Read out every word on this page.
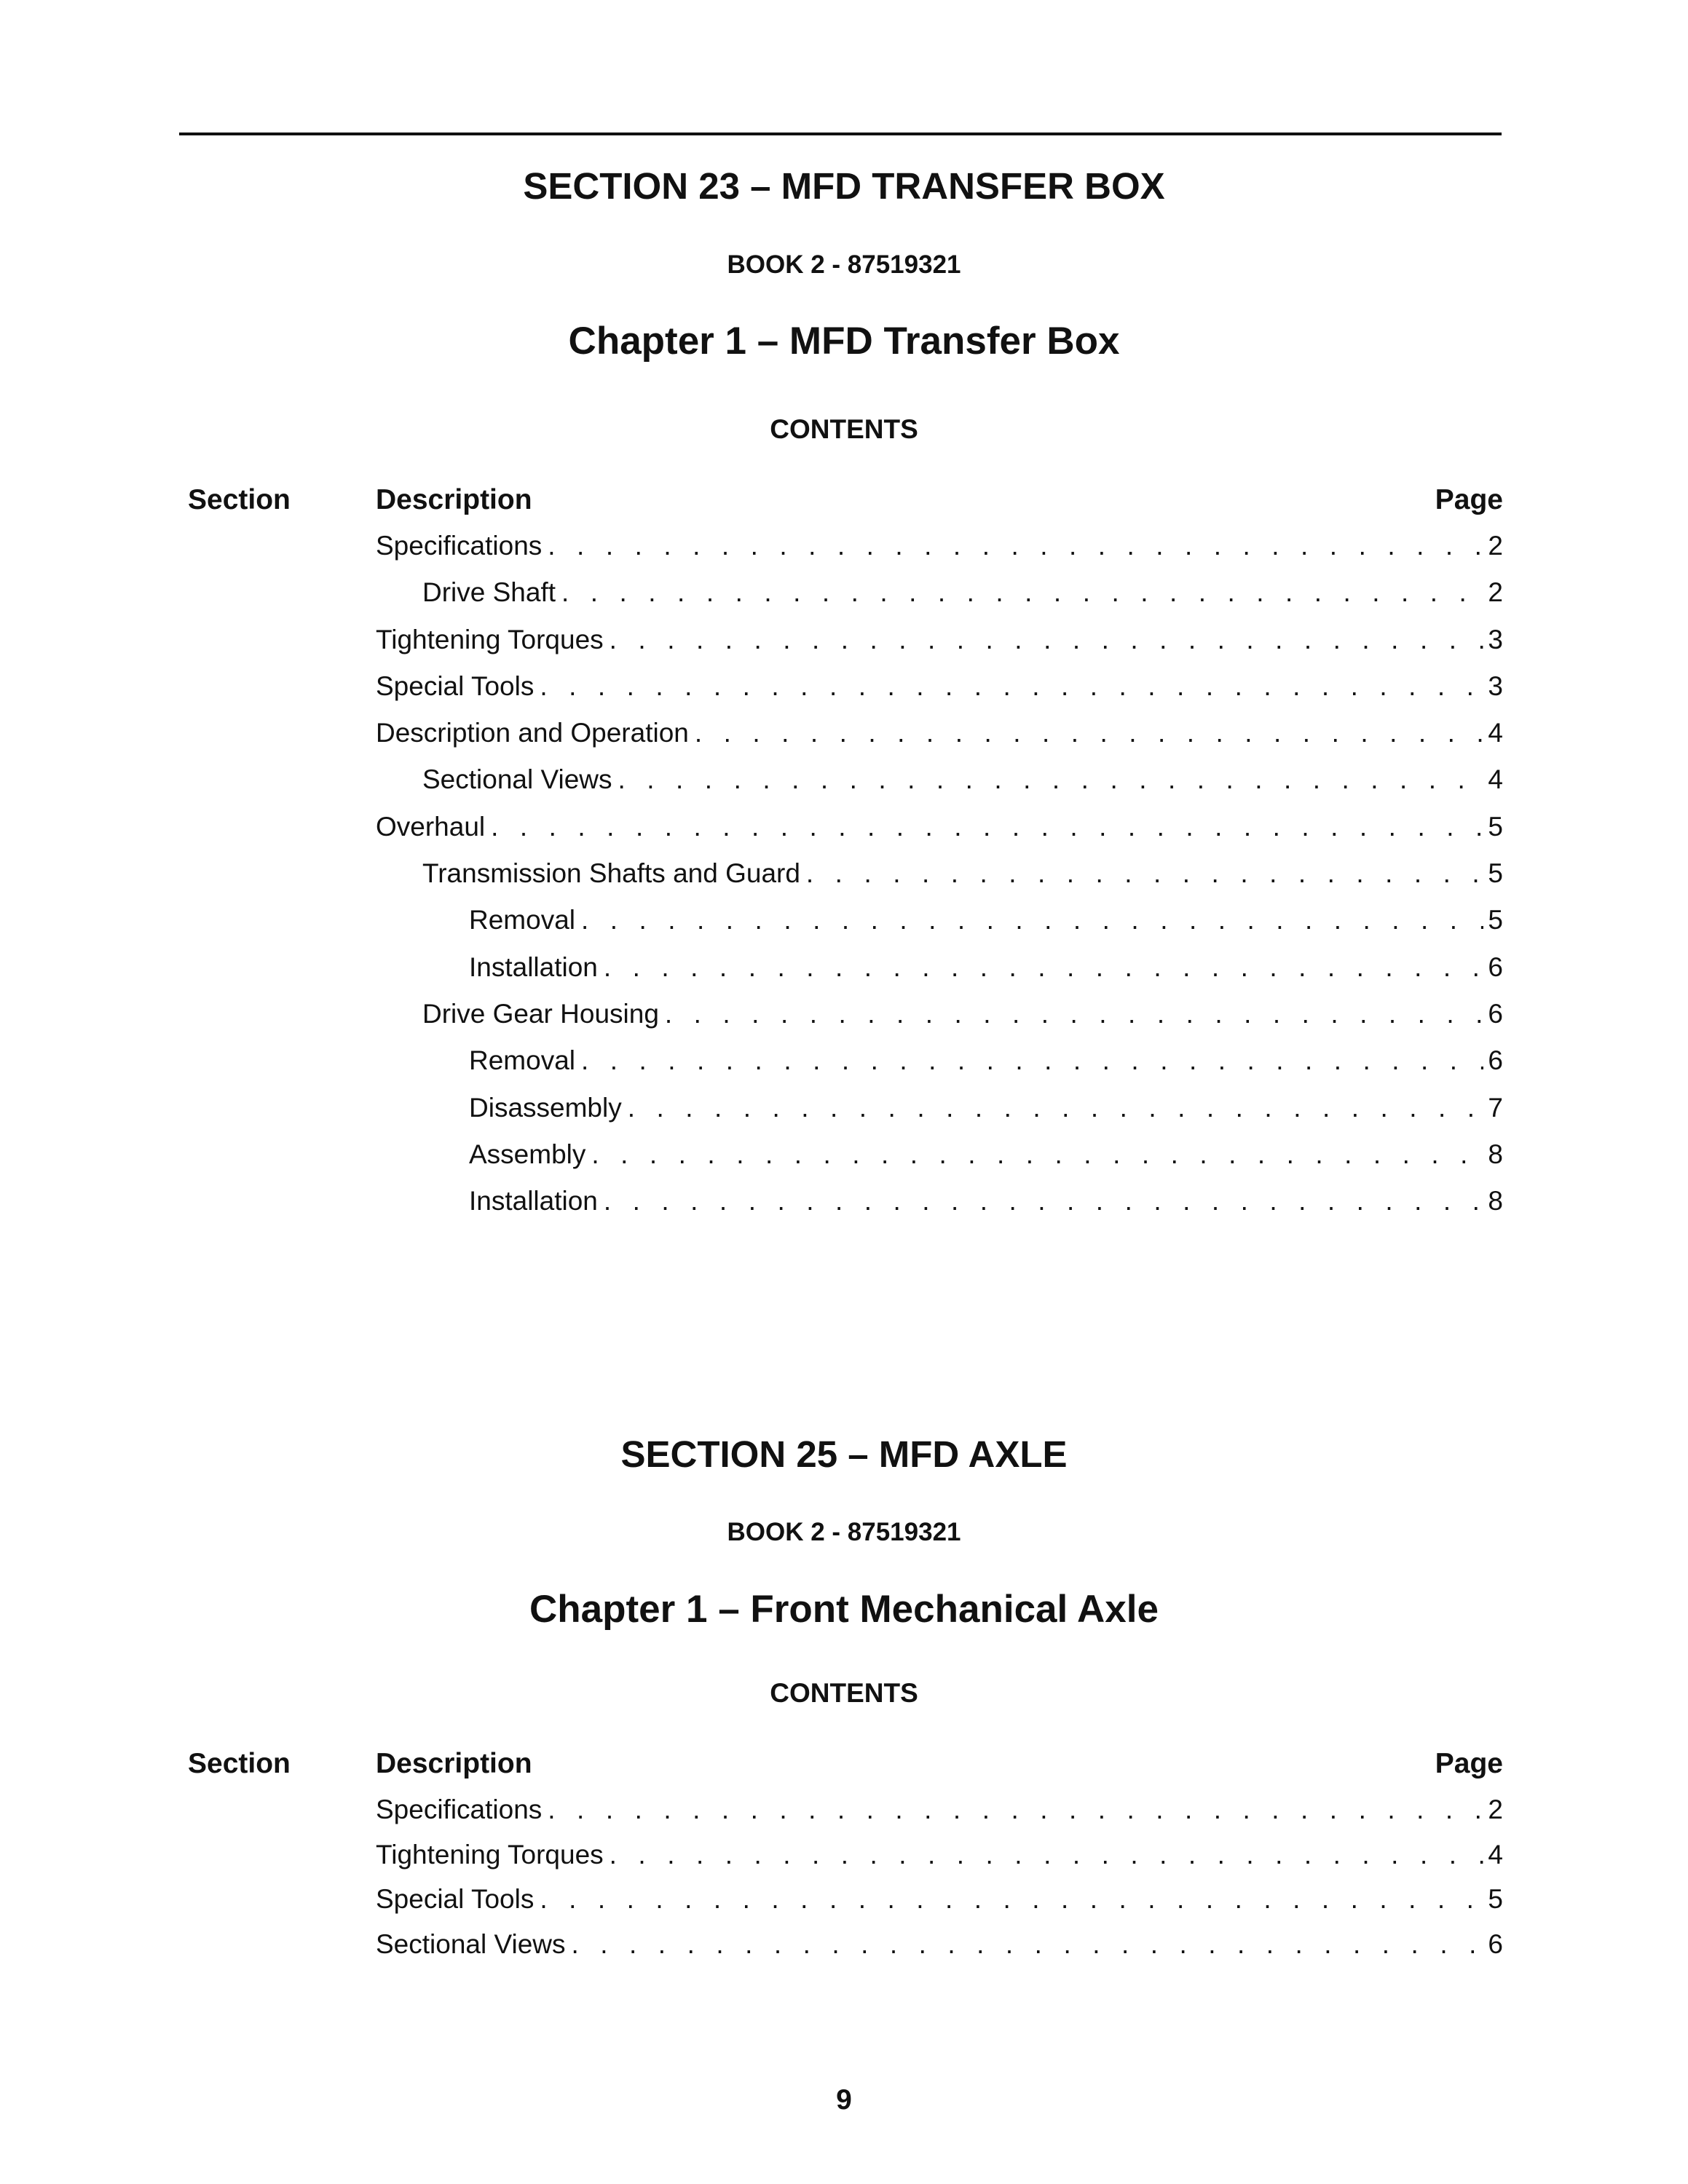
SECTION 23 – MFD TRANSFER BOX
BOOK 2 - 87519321
Chapter 1 – MFD Transfer Box
CONTENTS
Section	Description	Page
Specifications . . .	2
Drive Shaft . . .	2
Tightening Torques . . .	3
Special Tools . . .	3
Description and Operation . . .	4
Sectional Views . . .	4
Overhaul . . .	5
Transmission Shafts and Guard . . .	5
Removal . . .	5
Installation . . .	6
Drive Gear Housing . . .	6
Removal . . .	6
Disassembly . . .	7
Assembly . . .	8
Installation . . .	8
SECTION 25 – MFD AXLE
BOOK 2 - 87519321
Chapter 1 – Front Mechanical Axle
CONTENTS
Section	Description	Page
Specifications . . .	2
Tightening Torques . . .	4
Special Tools . . .	5
Sectional Views . . .	6
9
